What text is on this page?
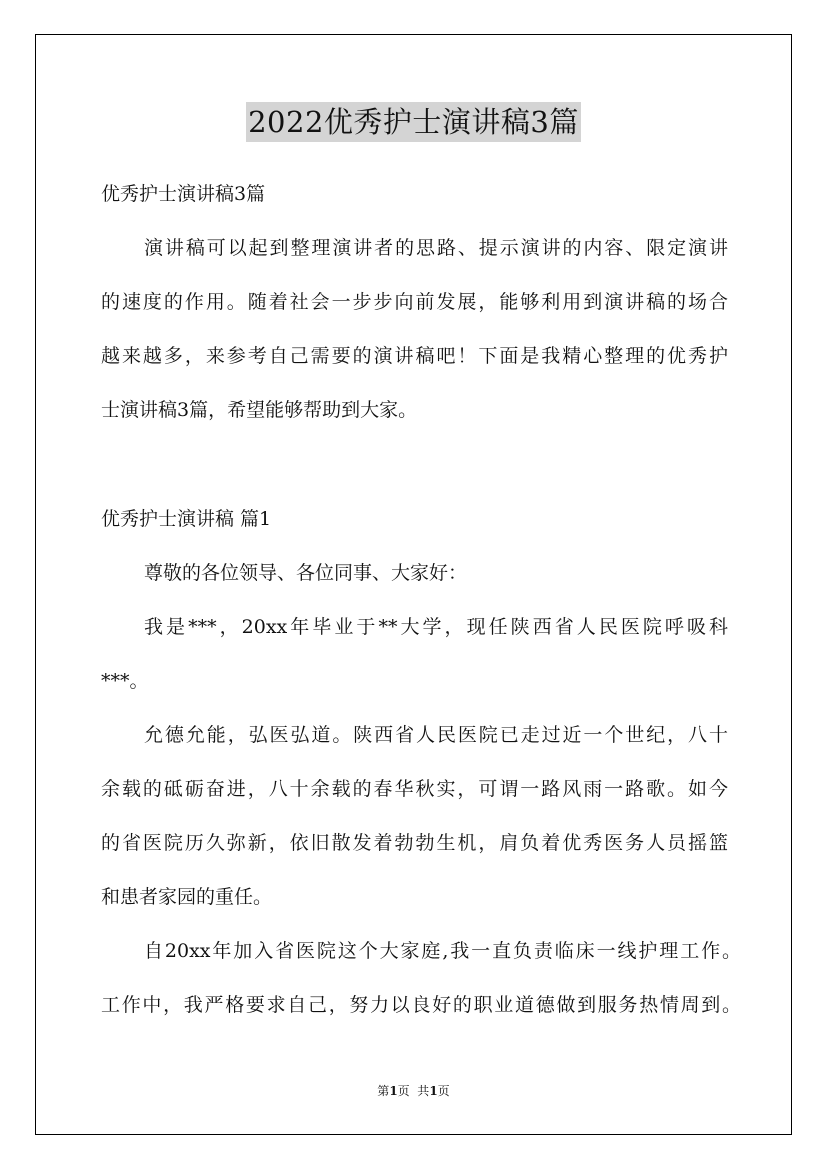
2022优秀护士演讲稿3篇
优秀护士演讲稿3篇
演讲稿可以起到整理演讲者的思路、提示演讲的内容、限定演讲
的速度的作用。随着社会一步步向前发展，能够利用到演讲稿的场合
越来越多，来参考自己需要的演讲稿吧！下面是我精心整理的优秀护
士演讲稿3篇，希望能够帮助到大家。
优秀护士演讲稿 篇1
尊敬的各位领导、各位同事、大家好：
我是***，20xx年毕业于**大学，现任陕西省人民医院呼吸科
***。
允德允能，弘医弘道。陕西省人民医院已走过近一个世纪，八十
余载的砥砺奋进，八十余载的春华秋实，可谓一路风雨一路歌。如今
的省医院历久弥新，依旧散发着勃勃生机，肩负着优秀医务人员摇篮
和患者家园的重任。
自20xx年加入省医院这个大家庭,我一直负责临床一线护理工作。
工作中，我严格要求自己，努力以良好的职业道德做到服务热情周到。
第1页  共1页
